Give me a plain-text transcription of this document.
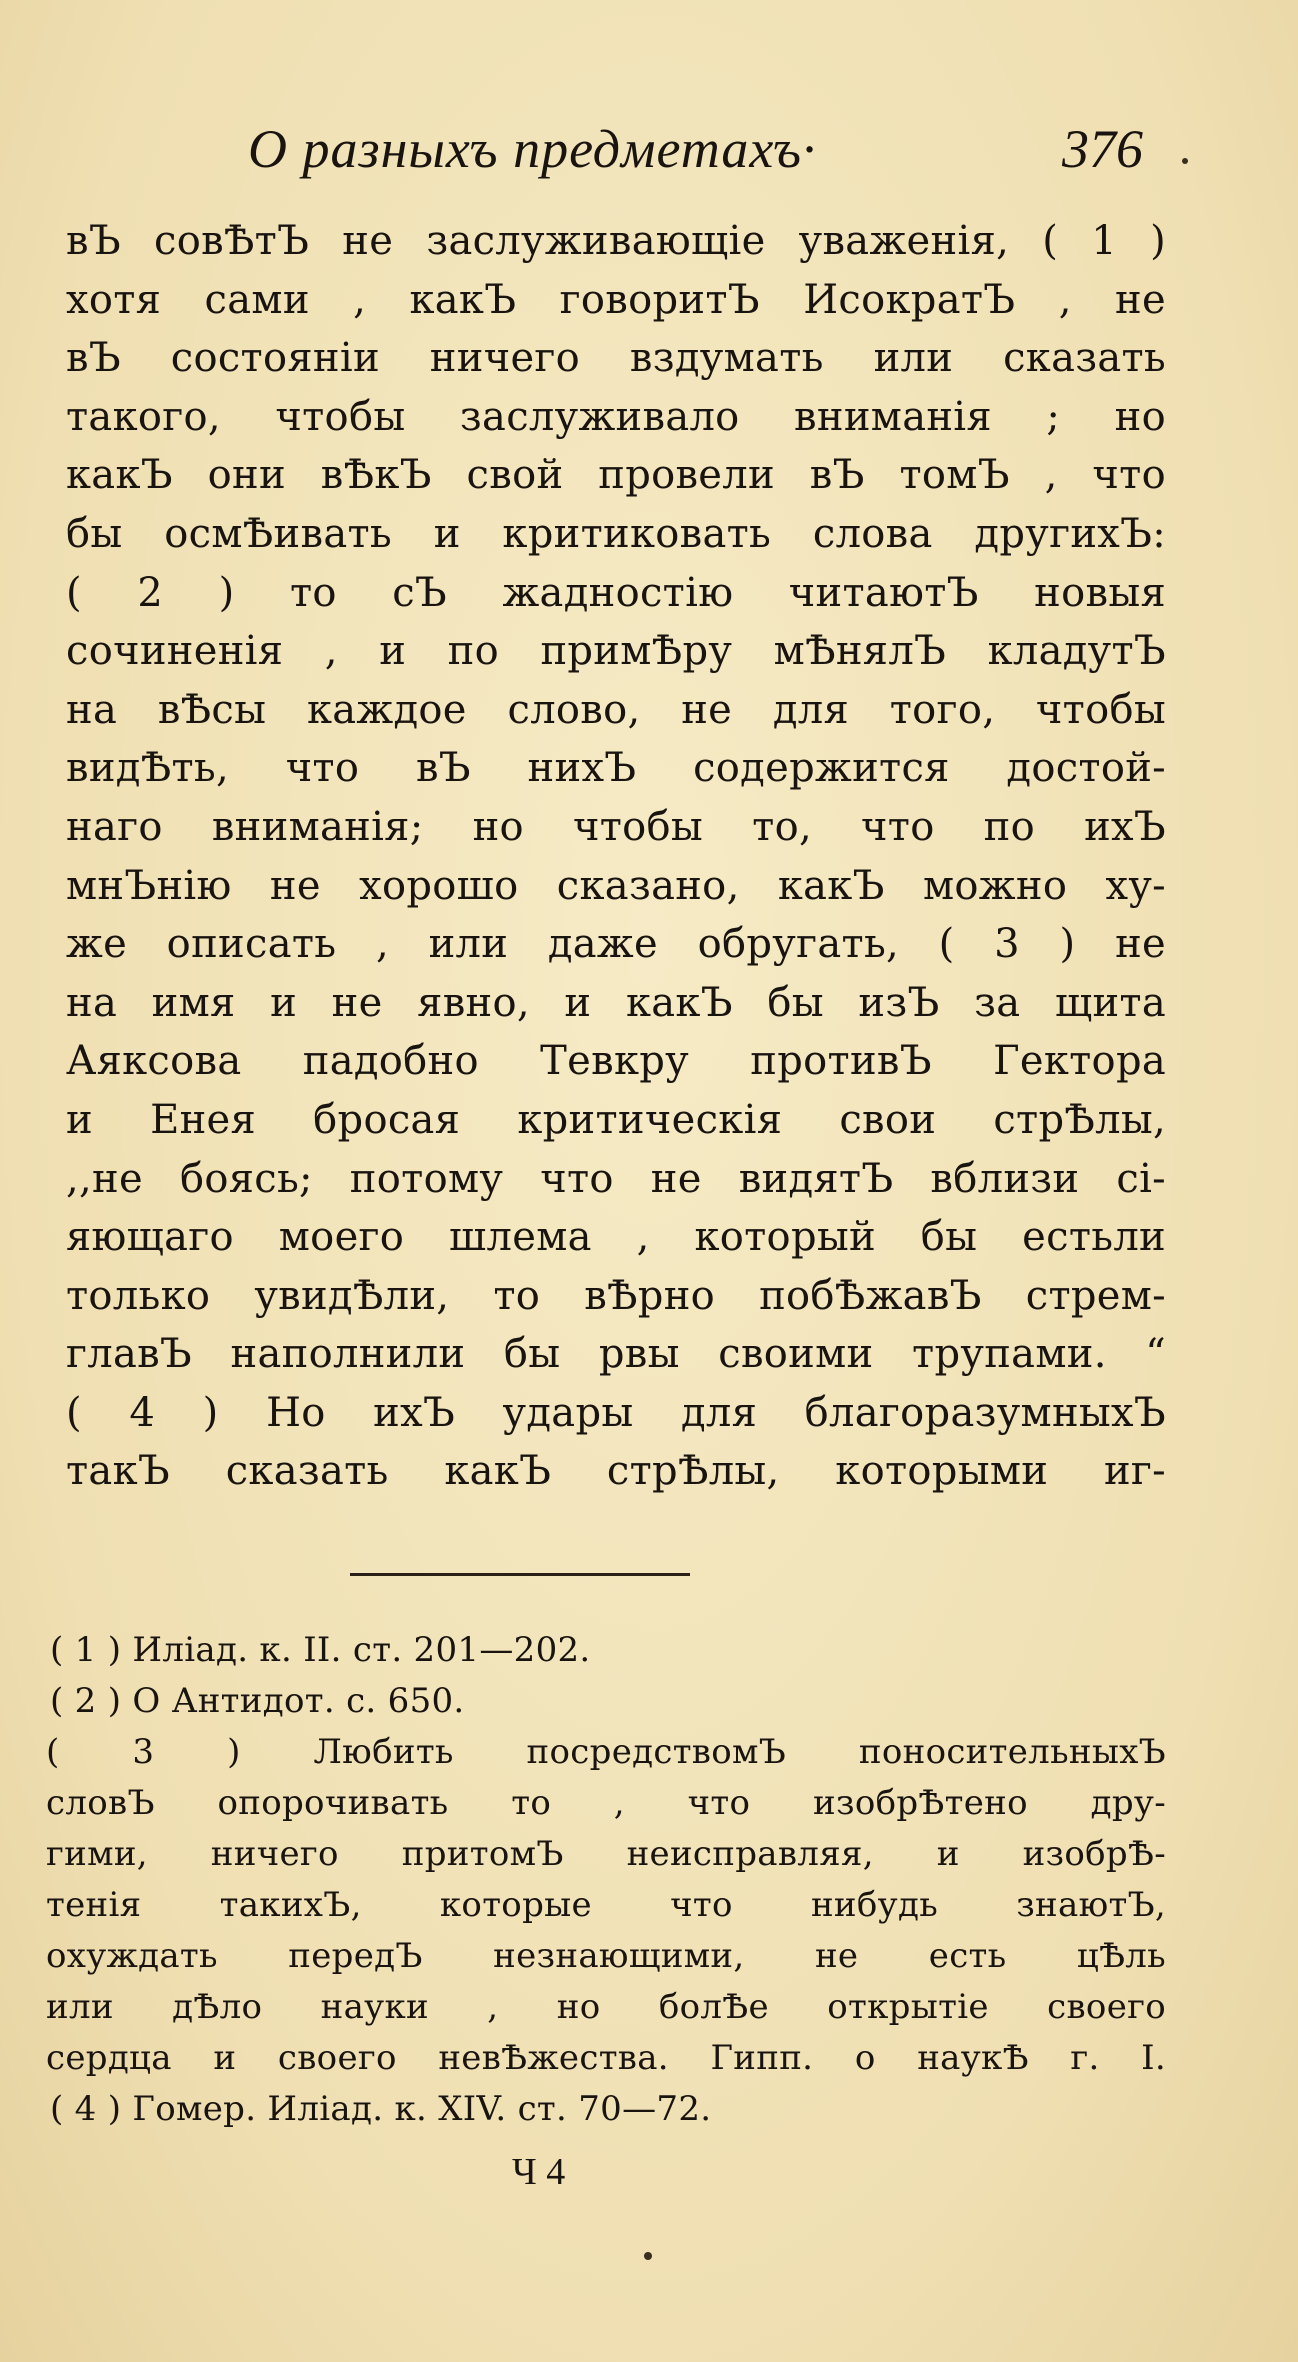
О разныхъ предметахъ·	376
вЪ совѢтЪ не заслуживающіе уваженія, ( 1 )
хотя сами , какЪ говоритЪ ИсократЪ , не
вЪ состояніи ничего вздумать или сказать
такого, чтобы заслуживало вниманія ; но
какЪ они вѢкЪ свой провели вЪ томЪ , что
бы осмѢивать и критиковать слова другихЪ:
( 2 ) то сЪ жадностію читаютЪ новыя
сочиненія , и по примѢру мѢнялЪ кладутЪ
на вѢсы каждое слово, не для того, чтобы
видѢть, что вЪ нихЪ содержится достой-
наго вниманія; но чтобы то, что по ихЪ
мнЪнію не хорошо сказано, какЪ можно ху-
же описать , или даже обругать, ( 3 ) не
на имя и не явно, и какЪ бы изЪ за щита
Аяксова падобно Тевкру противЪ Гектора
и Енея бросая критическія свои стрѢлы,
,,не боясь; потому что не видятЪ вблизи сі-
яющаго моего шлема , который бы естьли
только увидѢли, то вѢрно побѢжавЪ стрем-
главЪ наполнили бы рвы своими трупами. “
( 4 ) Но ихЪ удары для благоразумныхЪ
такЪ сказать какЪ стрѢлы, которыми иг-
( 1 ) Иліад. к. II. ст. 201—202.
( 2 ) О Антидот. с. 650.
( 3 ) Любить посредствомЪ поносительныхЪ
словЪ опорочивать то , что изобрѢтено дру-
гими, ничего притомЪ неисправляя, и изобрѢ-
тенія такихЪ, которые что нибудь знаютЪ,
охуждать передЪ незнающими, не есть цѢль
или дѢло науки , но болѢе открытіе своего
сердца и своего невѢжества. Гипп. о наукѢ г. I.
( 4 ) Гомер. Иліад. к. XIV. ст. 70—72.
Ч 4
